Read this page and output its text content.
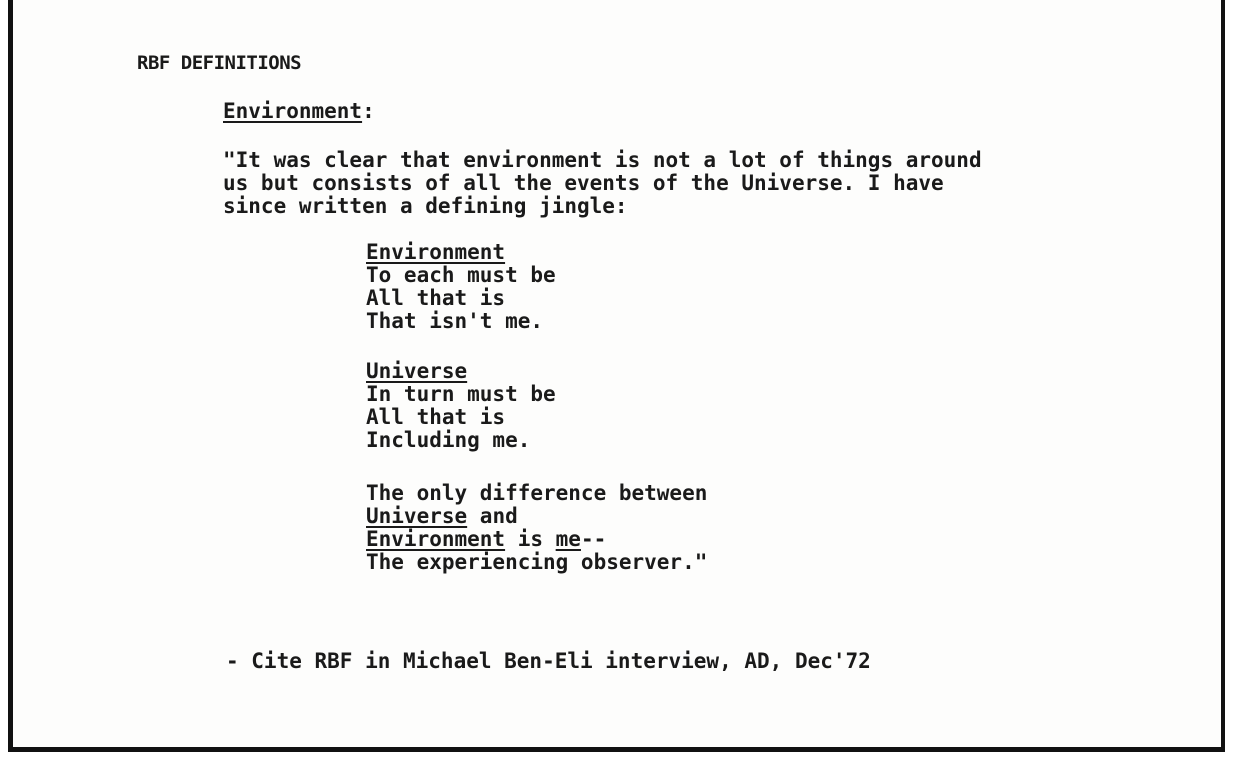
RBF DEFINITIONS
Environment:
"It was clear that environment is not a lot of things around
us but consists of all the events of the Universe. I have
since written a defining jingle:
Environment
To each must be
All that is
That isn't me.
Universe
In turn must be
All that is
Including me.
The only difference between
Universe and
Environment is me--
The experiencing observer."
- Cite RBF in Michael Ben-Eli interview, AD, Dec'72
